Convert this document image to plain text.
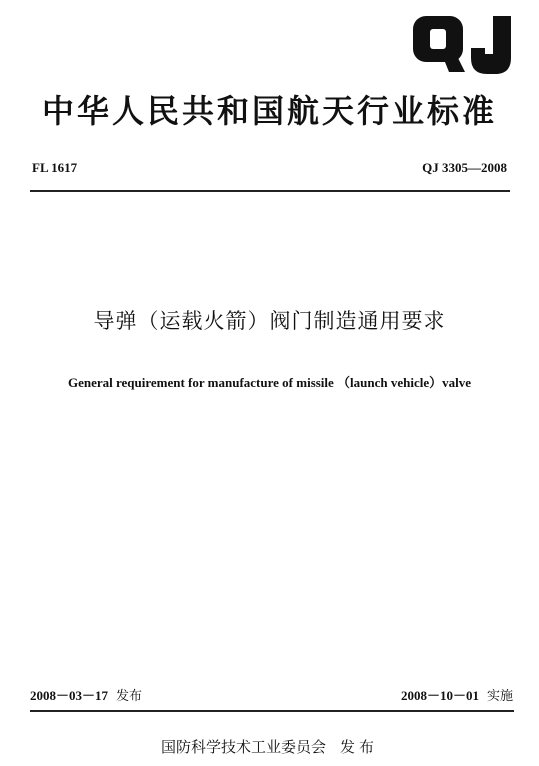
中华人民共和国航天行业标准
FL 1617	QJ 3305—2008
导弹（运载火箭）阀门制造通用要求
General requirement for manufacture of missile （launch vehicle）valve
2008－03－17 发布	2008－10－01 实施
国防科学技术工业委员会 发布
